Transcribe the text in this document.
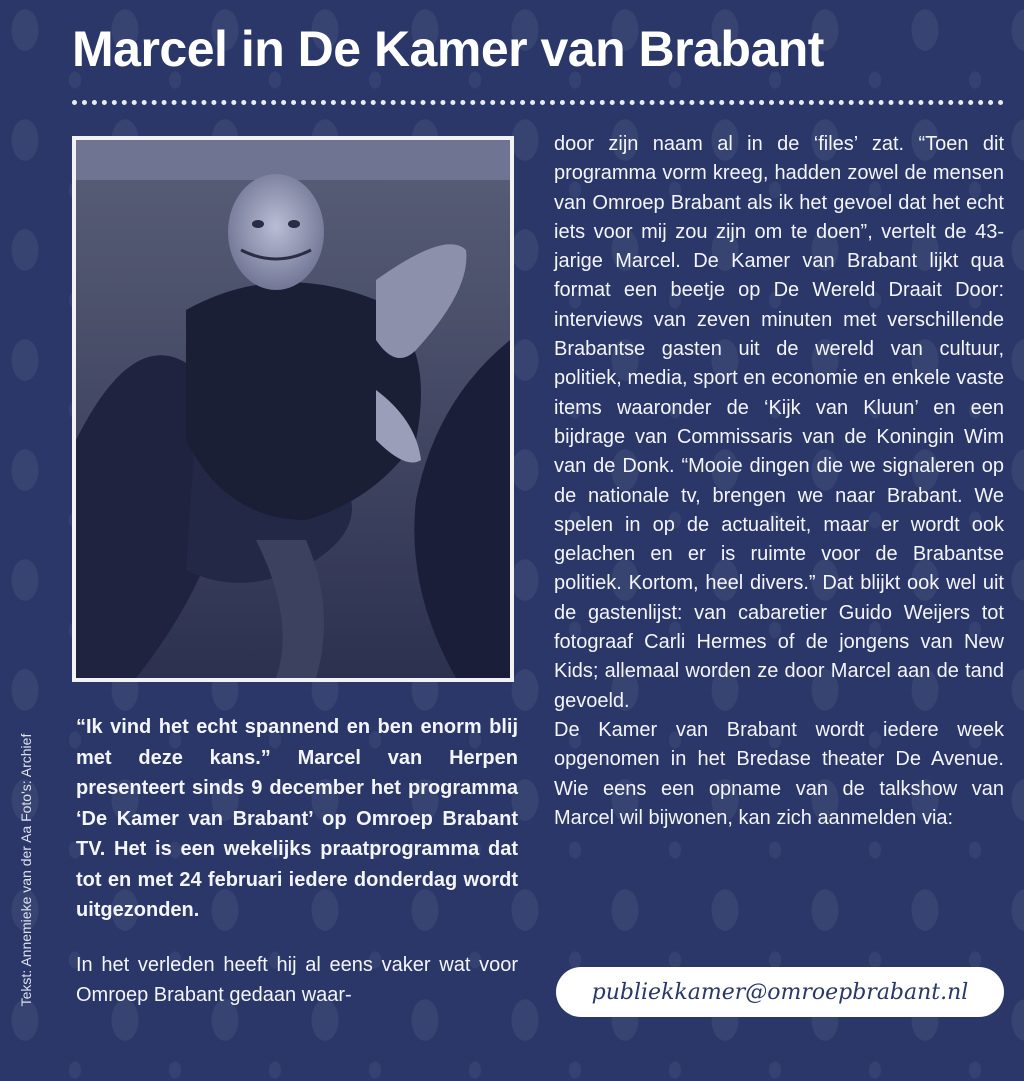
Marcel in De Kamer van Brabant
Tekst: Annemieke van der Aa Foto's: Archief

“Ik vind het echt spannend en ben enorm blij met deze kans.” Marcel van Herpen presenteert sinds 9 december het programma ‘De Kamer van Brabant’ op Omroep Brabant TV. Het is een wekelijks praatprogramma dat tot en met 24 februari iedere donderdag wordt uitgezonden.

In het verleden heeft hij al eens vaker wat voor Omroep Brabant gedaan waar-

door zijn naam al in de ‘files’ zat. “Toen dit programma vorm kreeg, hadden zowel de mensen van Omroep Brabant als ik het gevoel dat het echt iets voor mij zou zijn om te doen”, vertelt de 43-jarige Marcel. De Kamer van Brabant lijkt qua format een beetje op De Wereld Draait Door: interviews van zeven minuten met verschillende Brabantse gasten uit de wereld van cultuur, politiek, media, sport en economie en enkele vaste items waaronder de ‘Kijk van Kluun’ en een bijdrage van Commissaris van de Koningin Wim van de Donk. “Mooie dingen die we signaleren op de nationale tv, brengen we naar Brabant. We spelen in op de actualiteit, maar er wordt ook gelachen en er is ruimte voor de Brabantse politiek. Kortom, heel divers.” Dat blijkt ook wel uit de gastenlijst: van cabaretier Guido Weijers tot fotograaf Carli Hermes of de jongens van New Kids; allemaal worden ze door Marcel aan de tand gevoeld.

De Kamer van Brabant wordt iedere week opgenomen in het Bredase theater De Avenue. Wie eens een opname van de talkshow van Marcel wil bijwonen, kan zich aanmelden via:

publiekkamer@omroepbrabant.nl
